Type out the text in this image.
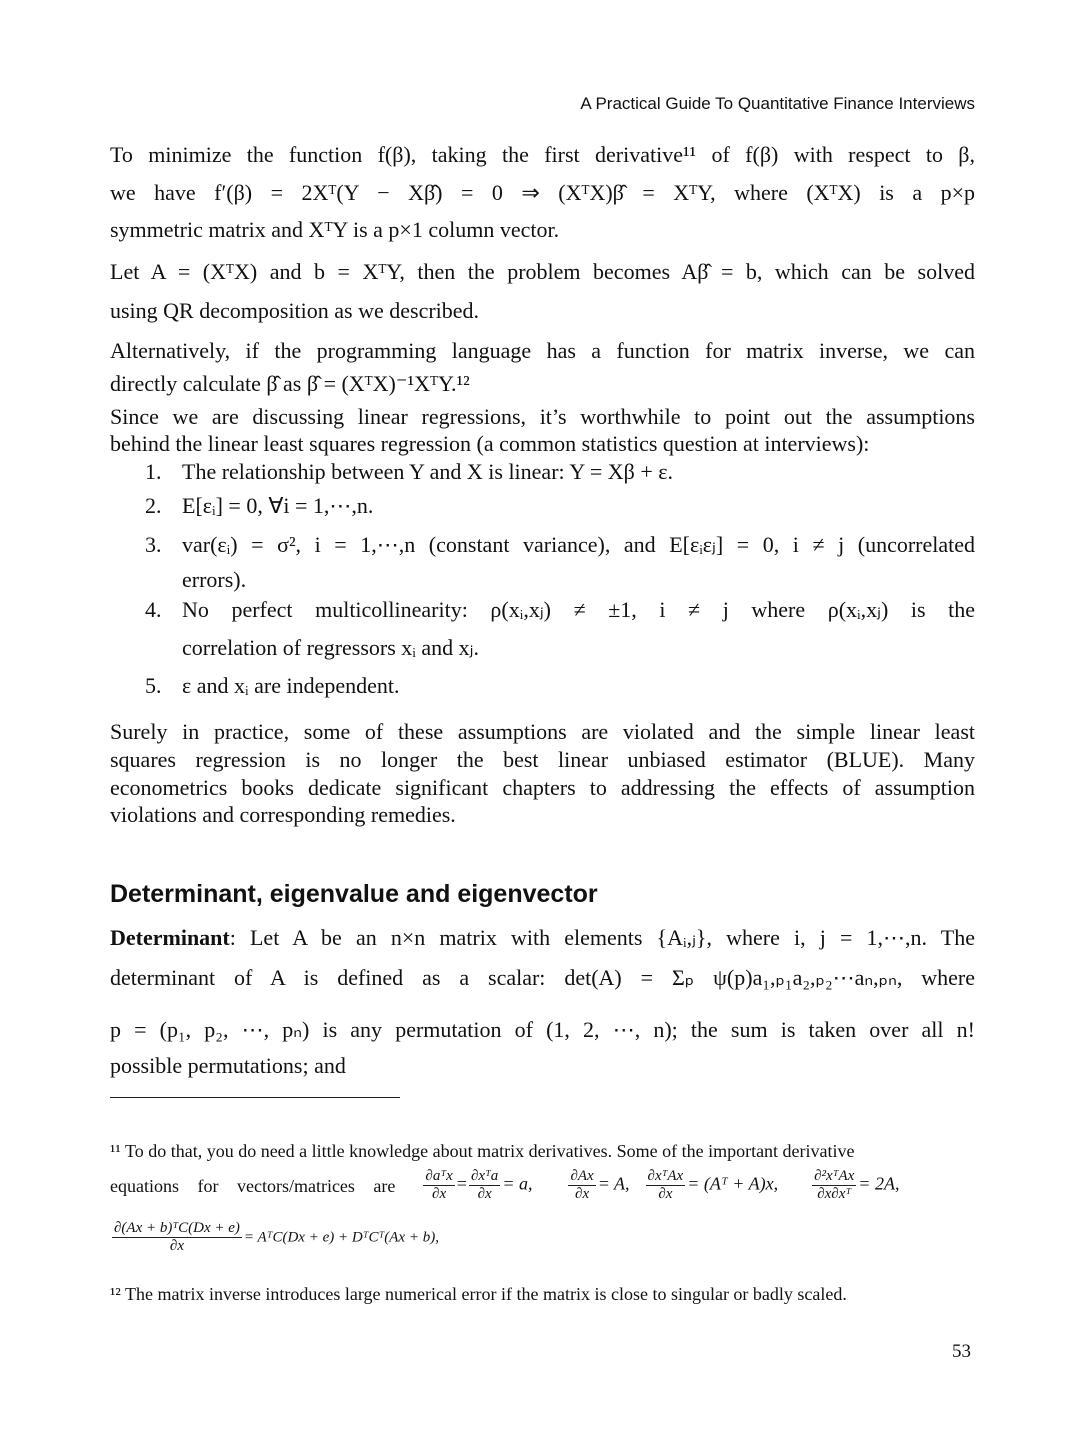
A Practical Guide To Quantitative Finance Interviews
To minimize the function f(β), taking the first derivative¹¹ of f(β) with respect to β,
we have f′(β) = 2Xᵀ(Y − Xβ̂) = 0 ⇒ (XᵀX)β̂ = XᵀY, where (XᵀX) is a p×p
symmetric matrix and XᵀY is a p×1 column vector.
Let A = (XᵀX) and b = XᵀY, then the problem becomes Aβ̂ = b, which can be solved
using QR decomposition as we described.
Alternatively, if the programming language has a function for matrix inverse, we can
directly calculate β̂ as β̂ = (XᵀX)⁻¹XᵀY.¹²
Since we are discussing linear regressions, it’s worthwhile to point out the assumptions
behind the linear least squares regression (a common statistics question at interviews):
1. The relationship between Y and X is linear: Y = Xβ + ε.
2. E[εᵢ] = 0, ∀i = 1,⋯,n.
3. var(εᵢ) = σ², i = 1,⋯,n (constant variance), and E[εᵢεⱼ] = 0, i ≠ j (uncorrelated
errors).
4. No perfect multicollinearity: ρ(xᵢ,xⱼ) ≠ ±1, i ≠ j where ρ(xᵢ,xⱼ) is the
correlation of regressors xᵢ and xⱼ.
5. ε and xᵢ are independent.
Surely in practice, some of these assumptions are violated and the simple linear least
squares regression is no longer the best linear unbiased estimator (BLUE). Many
econometrics books dedicate significant chapters to addressing the effects of assumption
violations and corresponding remedies.
Determinant, eigenvalue and eigenvector
Determinant: Let A be an n×n matrix with elements {Aᵢ,ⱼ}, where i, j = 1,⋯,n. The
determinant of A is defined as a scalar: det(A) = Σₚ ψ(p)a₁,ₚ₁a₂,ₚ₂⋯aₙ,ₚₙ, where
p = (p₁, p₂, ⋯, pₙ) is any permutation of (1, 2, ⋯, n); the sum is taken over all n!
possible permutations; and
¹¹ To do that, you do need a little knowledge about matrix derivatives. Some of the important derivative
equations for vectors/matrices are $\frac{\text{∂aᵀx}}{\partial x} = \frac{\text{∂xᵀa}}{\partial x} = a$, $\frac{\partial Ax}{\partial x} = A$, $\frac{\text{∂xᵀAx}}{\partial x}$ = (Aᵀ + A)x, $\frac{\text{∂²xᵀAx}}{\text{∂x∂xᵀ}} = 2A$,
$\frac{\text{∂(Ax + b)ᵀC(Dx + e)}}{\partial x}$ = AᵀC(Dx + e) + DᵀCᵀ(Ax + b),
¹² The matrix inverse introduces large numerical error if the matrix is close to singular or badly scaled.
53
